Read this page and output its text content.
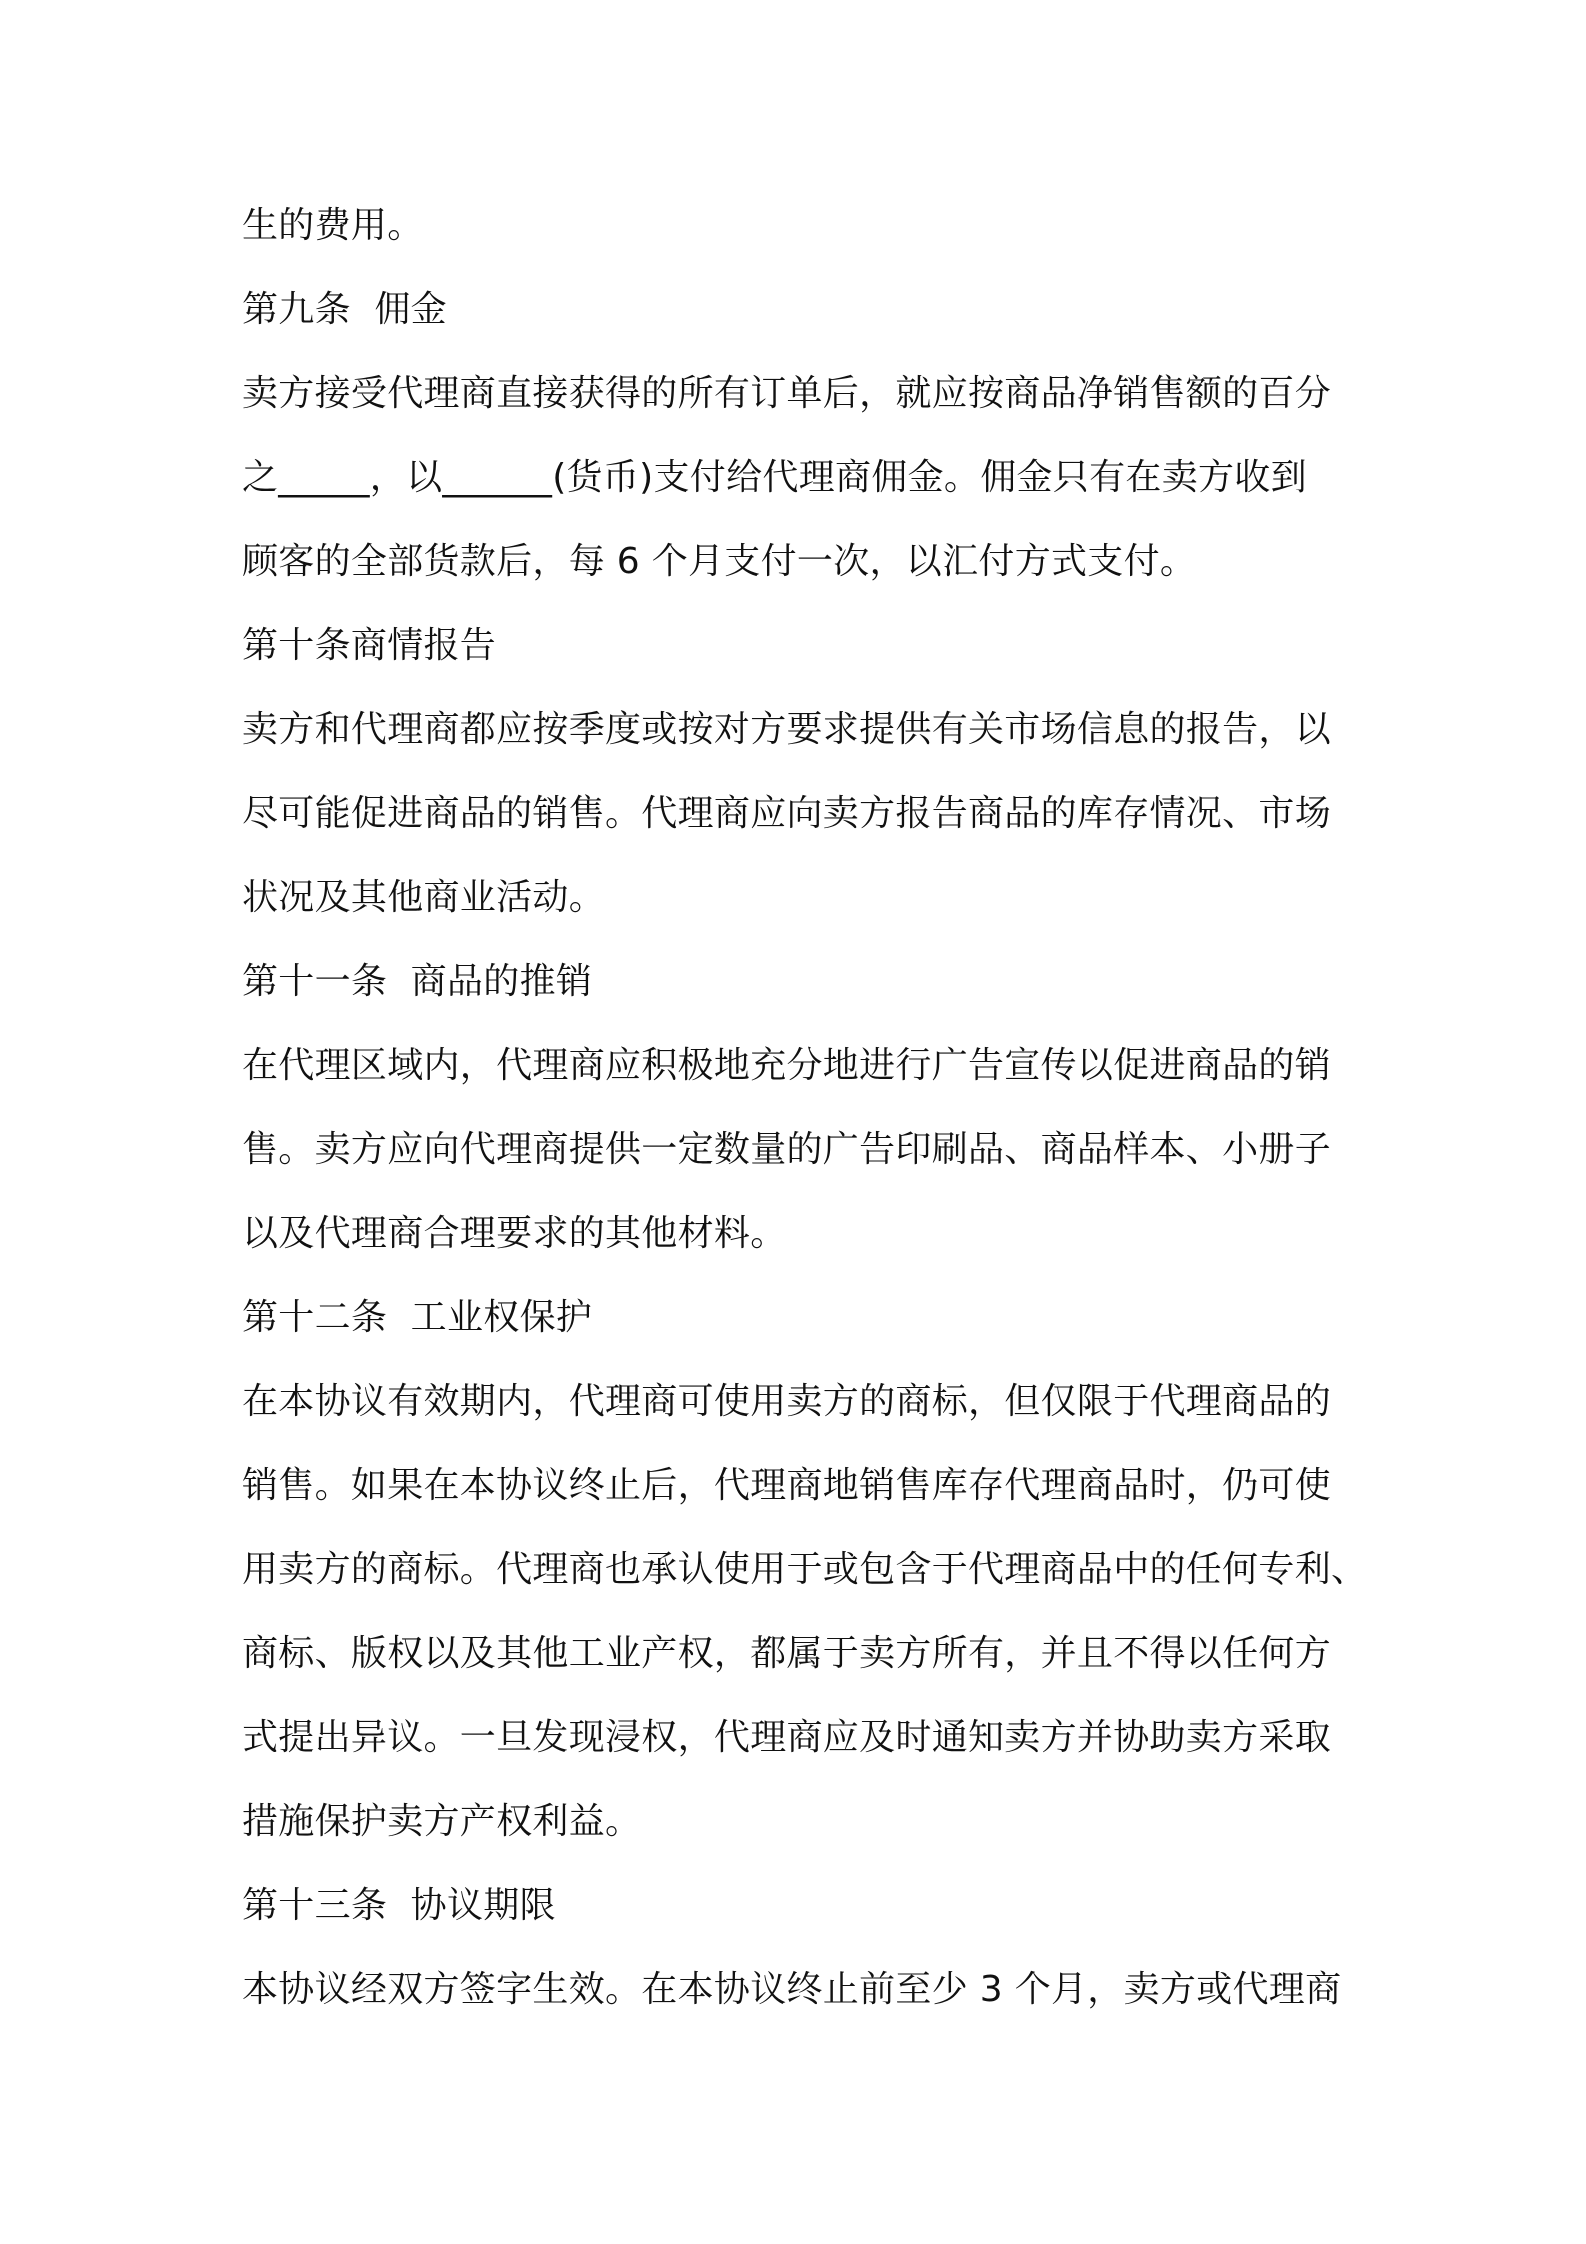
生的费用。
第九条  佣金
卖方接受代理商直接获得的所有订单后，就应按商品净销售额的百分
之_____，以______(货币)支付给代理商佣金。佣金只有在卖方收到
顾客的全部货款后，每 6 个月支付一次，以汇付方式支付。
第十条商情报告
卖方和代理商都应按季度或按对方要求提供有关市场信息的报告，以
尽可能促进商品的销售。代理商应向卖方报告商品的库存情况、市场
状况及其他商业活动。
第十一条  商品的推销
在代理区域内，代理商应积极地充分地进行广告宣传以促进商品的销
售。卖方应向代理商提供一定数量的广告印刷品、商品样本、小册子
以及代理商合理要求的其他材料。
第十二条  工业权保护
在本协议有效期内，代理商可使用卖方的商标，但仅限于代理商品的
销售。如果在本协议终止后，代理商地销售库存代理商品时，仍可使
用卖方的商标。代理商也承认使用于或包含于代理商品中的任何专利、
商标、版权以及其他工业产权，都属于卖方所有，并且不得以任何方
式提出异议。一旦发现浸权，代理商应及时通知卖方并协助卖方采取
措施保护卖方产权利益。
第十三条  协议期限
本协议经双方签字生效。在本协议终止前至少 3 个月，卖方或代理商
